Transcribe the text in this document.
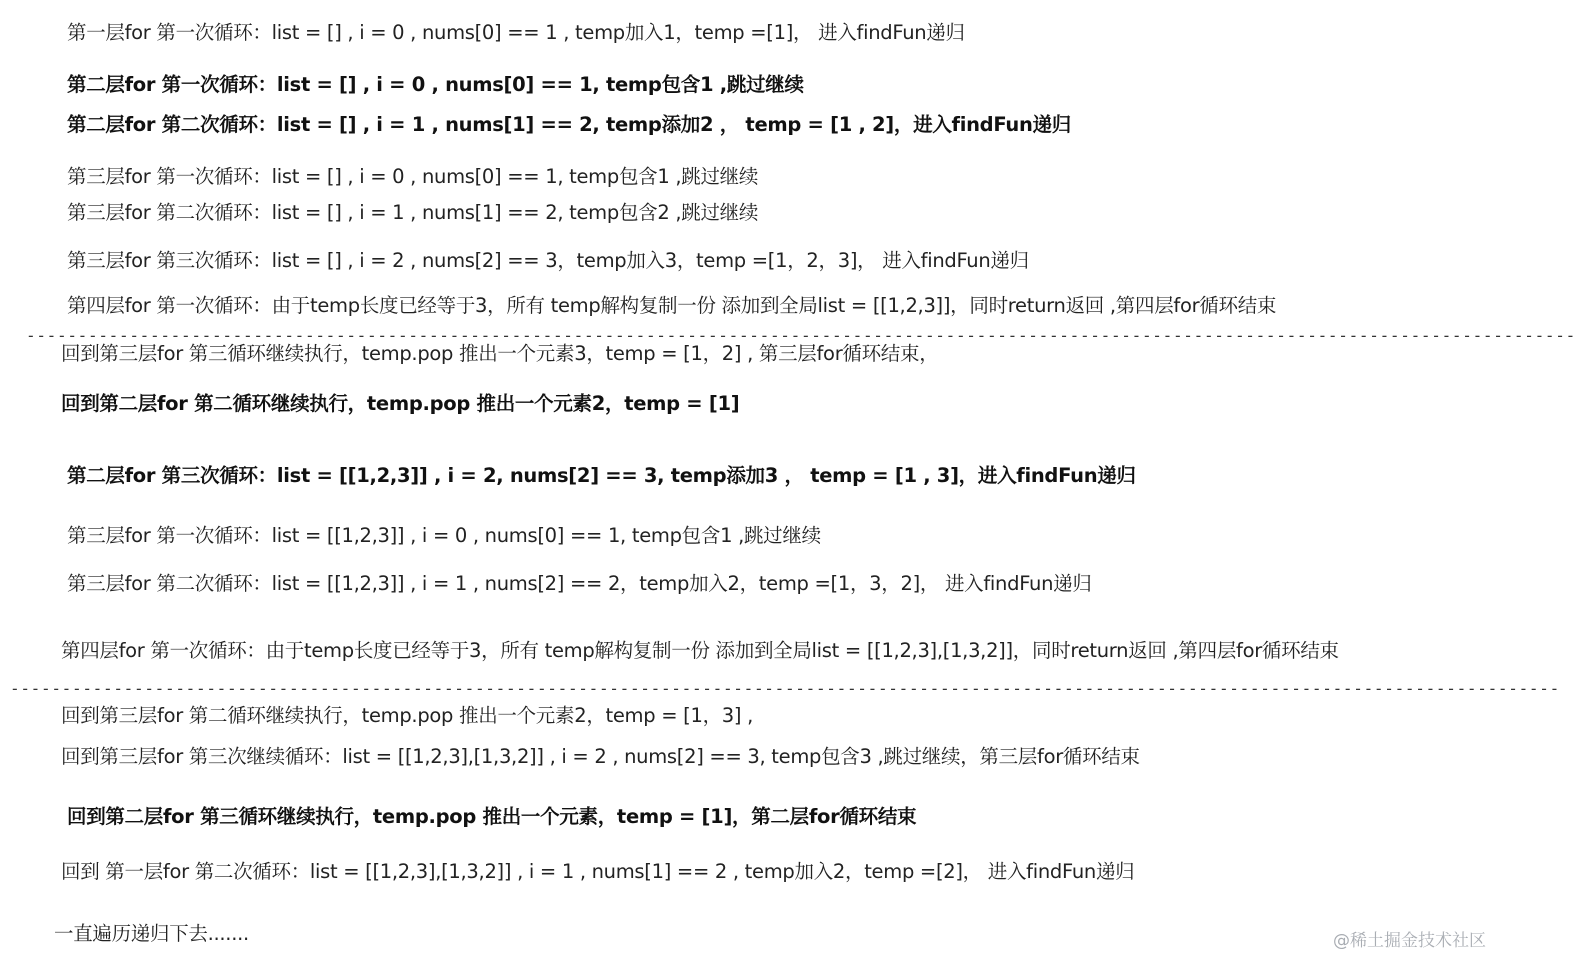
第一层for 第一次循环：list = [] , i = 0 , nums[0] == 1 , temp加入1，temp =[1]， 进入findFun递归
第二层for 第一次循环：list = [] , i = 0 , nums[0] == 1, temp包含1 ,跳过继续
第二层for 第二次循环：list = [] , i = 1 , nums[1] == 2, temp添加2 ， temp = [1 , 2]，进入findFun递归
第三层for 第一次循环：list = [] , i = 0 , nums[0] == 1, temp包含1 ,跳过继续
第三层for 第二次循环：list = [] , i = 1 , nums[1] == 2, temp包含2 ,跳过继续
第三层for 第三次循环：list = [] , i = 2 , nums[2] == 3，temp加入3，temp =[1，2，3]， 进入findFun递归
第四层for 第一次循环：由于temp长度已经等于3，所有 temp解构复制一份 添加到全局list = [[1,2,3]]，同时return返回 ,第四层for循环结束
------------------------------------------------------------------------------------------------------------------------------------------------------
回到第三层for 第三循环继续执行，temp.pop 推出一个元素3，temp = [1，2] , 第三层for循环结束，
回到第二层for 第二循环继续执行，temp.pop 推出一个元素2，temp = [1]
第二层for 第三次循环：list = [[1,2,3]] , i = 2, nums[2] == 3, temp添加3 ， temp = [1 , 3]，进入findFun递归
第三层for 第一次循环：list = [[1,2,3]] , i = 0 , nums[0] == 1, temp包含1 ,跳过继续
第三层for 第二次循环：list = [[1,2,3]] , i = 1 , nums[2] == 2，temp加入2，temp =[1，3，2]， 进入findFun递归
第四层for 第一次循环：由于temp长度已经等于3，所有 temp解构复制一份 添加到全局list = [[1,2,3],[1,3,2]]，同时return返回 ,第四层for循环结束
------------------------------------------------------------------------------------------------------------------------------------------------------
回到第三层for 第二循环继续执行，temp.pop 推出一个元素2，temp = [1，3] ,
回到第三层for 第三次继续循环：list = [[1,2,3],[1,3,2]] , i = 2 , nums[2] == 3, temp包含3 ,跳过继续，第三层for循环结束
回到第二层for 第三循环继续执行，temp.pop 推出一个元素，temp = [1]，第二层for循环结束
回到 第一层for 第二次循环：list = [[1,2,3],[1,3,2]] , i = 1 , nums[1] == 2 , temp加入2，temp =[2]， 进入findFun递归
一直遍历递归下去.......	@稀土掘金技术社区
